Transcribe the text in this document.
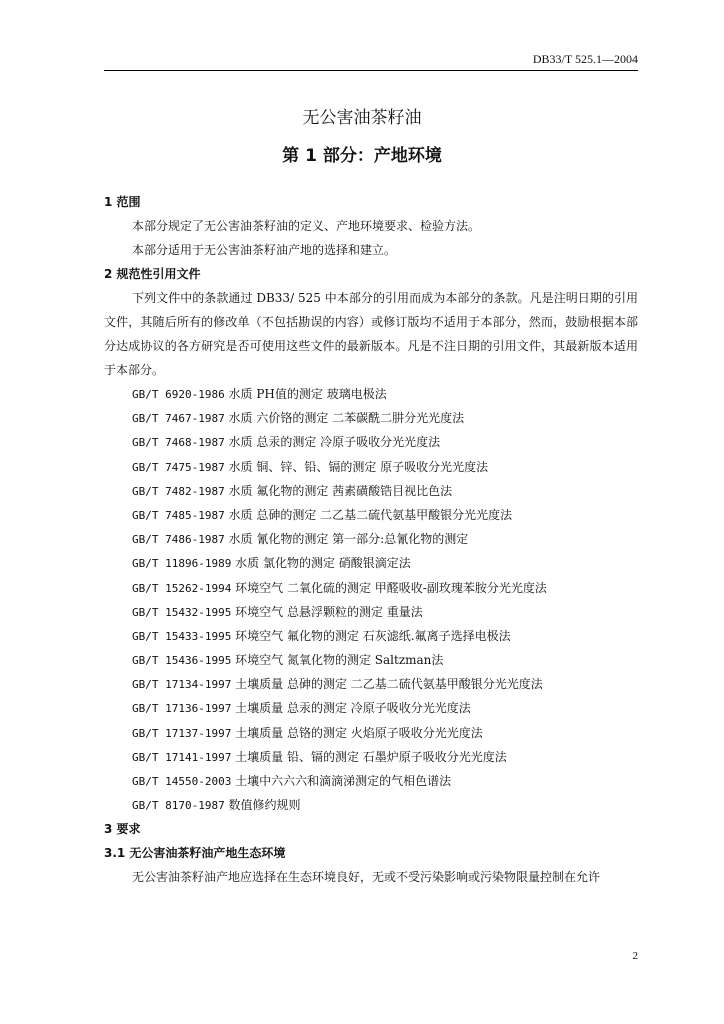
DB33/T 525.1—2004
无公害油茶籽油
第 1 部分：产地环境
1 范围

本部分规定了无公害油茶籽油的定义、产地环境要求、检验方法。

本部分适用于无公害油茶籽油产地的选择和建立。

2 规范性引用文件

下列文件中的条款通过 DB33/ 525 中本部分的引用而成为本部分的条款。凡是注明日期的引用文件，其随后所有的修改单（不包括勘误的内容）或修订版均不适用于本部分，然而，鼓励根据本部分达成协议的各方研究是否可使用这些文件的最新版本。凡是不注日期的引用文件，其最新版本适用于本部分。

GB/T 6920-1986 水质 PH值的测定 玻璃电极法
GB/T 7467-1987 水质 六价铬的测定 二苯碳酰二肼分光光度法
GB/T 7468-1987 水质 总汞的测定 冷原子吸收分光光度法
GB/T 7475-1987 水质 铜、锌、铅、镉的测定 原子吸收分光光度法
GB/T 7482-1987 水质 氟化物的测定 茜素磺酸锆目视比色法
GB/T 7485-1987 水质 总砷的测定 二乙基二硫代氨基甲酸银分光光度法
GB/T 7486-1987 水质 氰化物的测定 第一部分:总氰化物的测定
GB/T 11896-1989 水质 氯化物的测定 硝酸银滴定法
GB/T 15262-1994 环境空气 二氧化硫的测定 甲醛吸收-副玫瑰苯胺分光光度法
GB/T 15432-1995 环境空气 总悬浮颗粒的测定 重量法
GB/T 15433-1995 环境空气 氟化物的测定 石灰滤纸.氟离子选择电极法
GB/T 15436-1995 环境空气 氮氧化物的测定 Saltzman法
GB/T 17134-1997 土壤质量 总砷的测定 二乙基二硫代氨基甲酸银分光光度法
GB/T 17136-1997 土壤质量 总汞的测定 冷原子吸收分光光度法
GB/T 17137-1997 土壤质量 总铬的测定 火焰原子吸收分光光度法
GB/T 17141-1997 土壤质量 铅、镉的测定 石墨炉原子吸收分光光度法
GB/T 14550-2003 土壤中六六六和滴滴涕测定的气相色谱法
GB/T 8170-1987 数值修约规则
3 要求
3.1 无公害油茶籽油产地生态环境

无公害油茶籽油产地应选择在生态环境良好，无或不受污染影响或污染物限量控制在允许

2
